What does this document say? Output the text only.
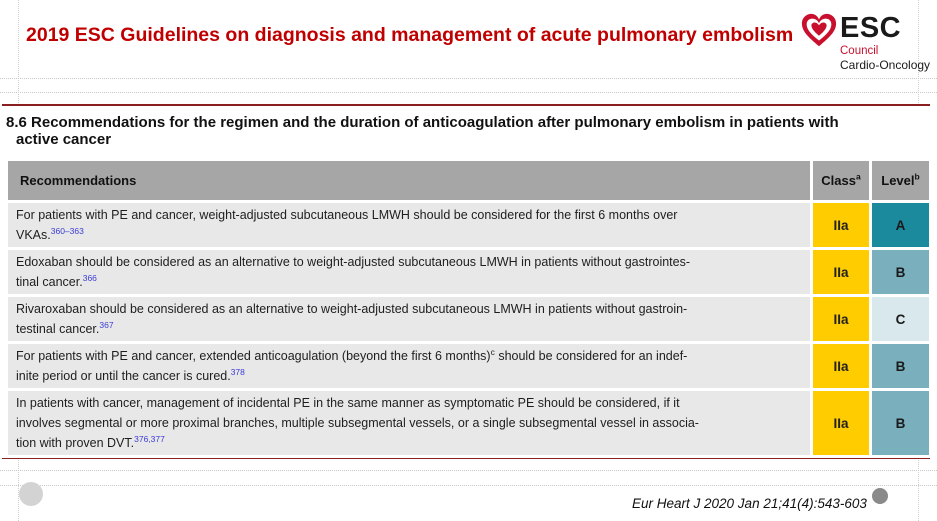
2019 ESC Guidelines on diagnosis and management of acute pulmonary embolism ESC
Council
Cardio-Oncology
8.6 Recommendations for the regimen and the duration of anticoagulation after pulmonary embolism in patients with
active cancer
Recommendations	Class$^a$	Level$^b$
For patients with PE and cancer, weight-adjusted subcutaneous LMWH should be considered for the first 6 months over
VKAs.$^{360-363}$	IIa	A
Edoxaban should be considered as an alternative to weight-adjusted subcutaneous LMWH in patients without gastrointes-
tinal cancer.$^{366}$	IIa	B
Rivaroxaban should be considered as an alternative to weight-adjusted subcutaneous LMWH in patients without gastroin-
testinal cancer.$^{367}$	IIa	C
For patients with PE and cancer, extended anticoagulation (beyond the first 6 months)$^c$ should be considered for an indef-
inite period or until the cancer is cured.$^{378}$	IIa	B
In patients with cancer, management of incidental PE in the same manner as symptomatic PE should be considered, if it
involves segmental or more proximal branches, multiple subsegmental vessels, or a single subsegmental vessel in associa-
tion with proven DVT.$^{376,377}$	IIa	B
Eur Heart J 2020 Jan 21;41(4):543-603
